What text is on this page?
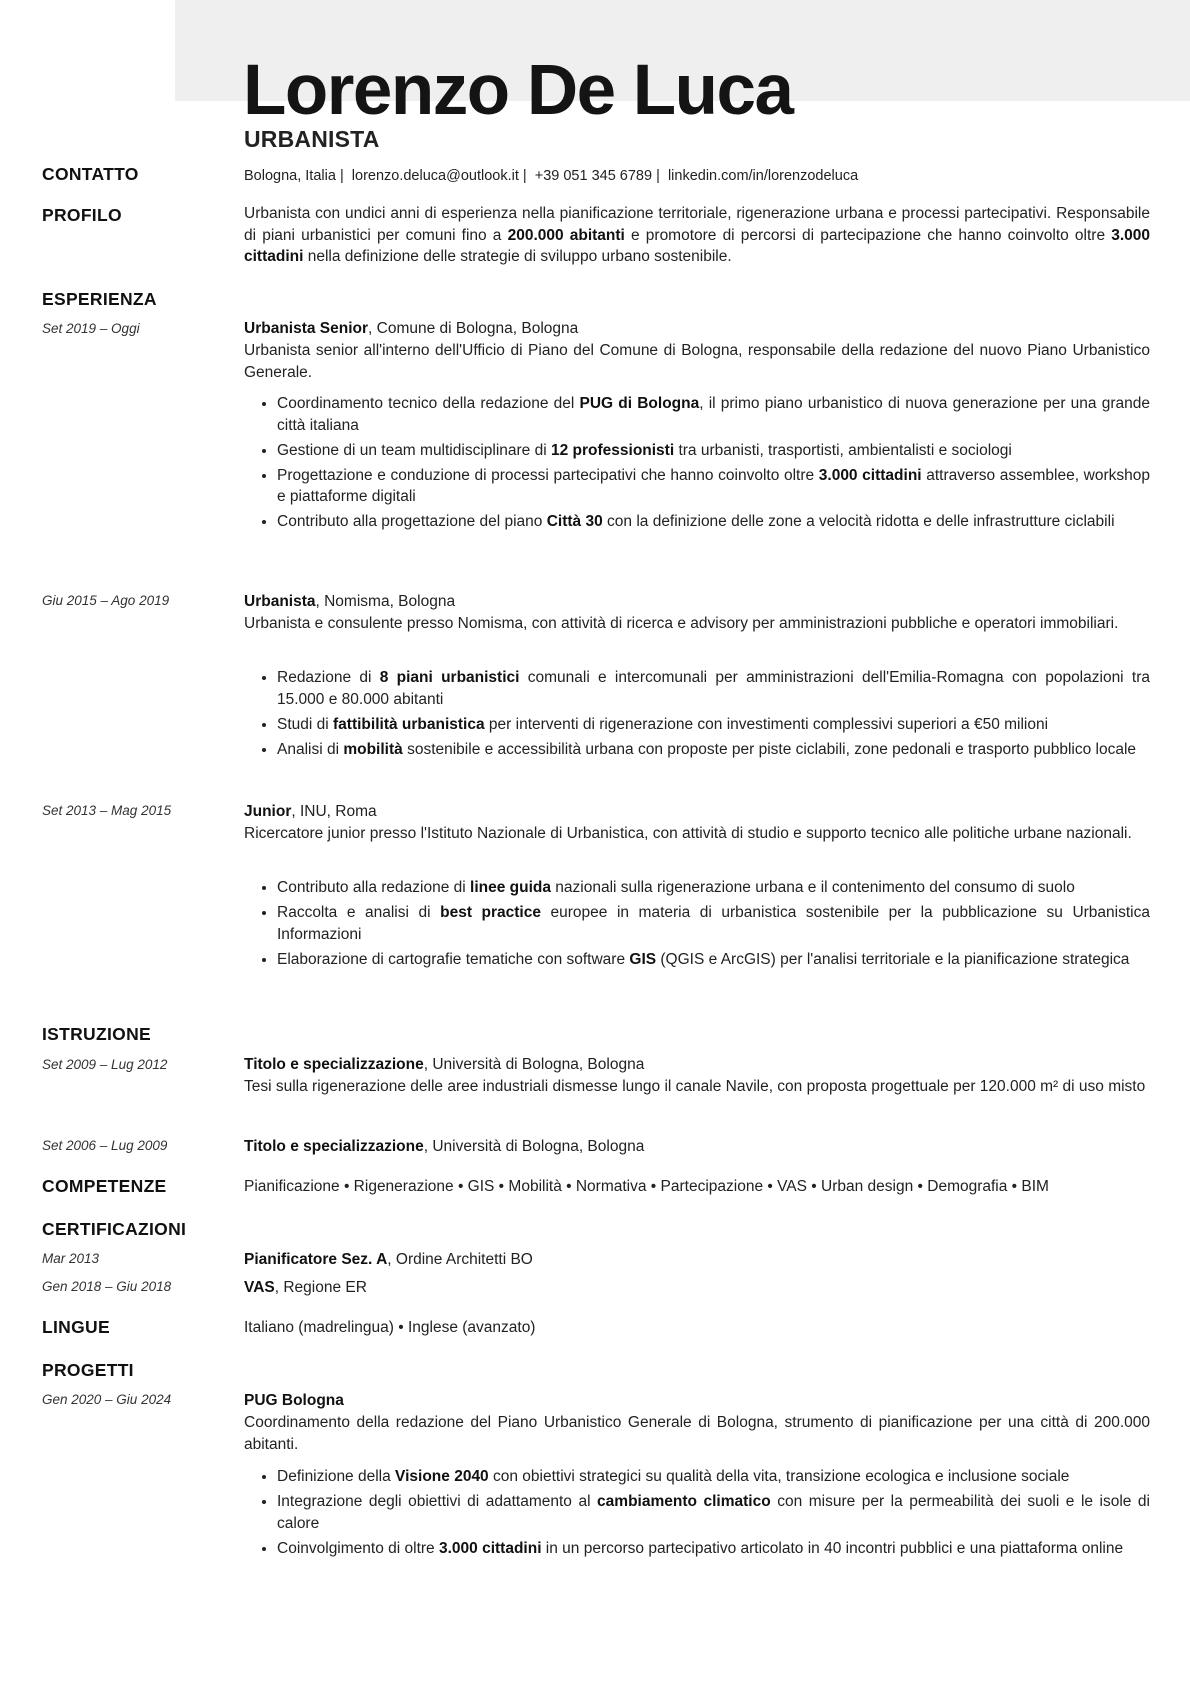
Lorenzo De Luca
URBANISTA
CONTATTO	Bologna, Italia | lorenzo.deluca@outlook.it | +39 051 345 6789 | linkedin.com/in/lorenzodeluca
PROFILO	Urbanista con undici anni di esperienza nella pianificazione territoriale, rigenerazione urbana e processi partecipativi. Responsabile di piani urbanistici per comuni fino a 200.000 abitanti e promotore di percorsi di partecipazione che hanno coinvolto oltre 3.000 cittadini nella definizione delle strategie di sviluppo urbano sostenibile.
ESPERIENZA
Set 2019 – Oggi	Urbanista Senior, Comune di Bologna, Bologna
Urbanista senior all'interno dell'Ufficio di Piano del Comune di Bologna, responsabile della redazione del nuovo Piano Urbanistico Generale.
• Coordinamento tecnico della redazione del PUG di Bologna, il primo piano urbanistico di nuova generazione per una grande città italiana
• Gestione di un team multidisciplinare di 12 professionisti tra urbanisti, trasportisti, ambientalisti e sociologi
• Progettazione e conduzione di processi partecipativi che hanno coinvolto oltre 3.000 cittadini attraverso assemblee, workshop e piattaforme digitali
• Contributo alla progettazione del piano Città 30 con la definizione delle zone a velocità ridotta e delle infrastrutture ciclabili
Giu 2015 – Ago 2019	Urbanista, Nomisma, Bologna
Urbanista e consulente presso Nomisma, con attività di ricerca e advisory per amministrazioni pubbliche e operatori immobiliari.
• Redazione di 8 piani urbanistici comunali e intercomunali per amministrazioni dell'Emilia-Romagna con popolazioni tra 15.000 e 80.000 abitanti
• Studi di fattibilità urbanistica per interventi di rigenerazione con investimenti complessivi superiori a €50 milioni
• Analisi di mobilità sostenibile e accessibilità urbana con proposte per piste ciclabili, zone pedonali e trasporto pubblico locale
Set 2013 – Mag 2015	Junior, INU, Roma
Ricercatore junior presso l'Istituto Nazionale di Urbanistica, con attività di studio e supporto tecnico alle politiche urbane nazionali.
• Contributo alla redazione di linee guida nazionali sulla rigenerazione urbana e il contenimento del consumo di suolo
• Raccolta e analisi di best practice europee in materia di urbanistica sostenibile per la pubblicazione su Urbanistica Informazioni
• Elaborazione di cartografie tematiche con software GIS (QGIS e ArcGIS) per l'analisi territoriale e la pianificazione strategica
ISTRUZIONE
Set 2009 – Lug 2012	Titolo e specializzazione, Università di Bologna, Bologna
Tesi sulla rigenerazione delle aree industriali dismesse lungo il canale Navile, con proposta progettuale per 120.000 m² di uso misto
Set 2006 – Lug 2009	Titolo e specializzazione, Università di Bologna, Bologna
COMPETENZE	Pianificazione • Rigenerazione • GIS • Mobilità • Normativa • Partecipazione • VAS • Urban design • Demografia • BIM
CERTIFICAZIONI
Mar 2013	Pianificatore Sez. A, Ordine Architetti BO
Gen 2018 – Giu 2018	VAS, Regione ER
LINGUE	Italiano (madrelingua) • Inglese (avanzato)
PROGETTI
Gen 2020 – Giu 2024	PUG Bologna
Coordinamento della redazione del Piano Urbanistico Generale di Bologna, strumento di pianificazione per una città di 200.000 abitanti.
• Definizione della Visione 2040 con obiettivi strategici su qualità della vita, transizione ecologica e inclusione sociale
• Integrazione degli obiettivi di adattamento al cambiamento climatico con misure per la permeabilità dei suoli e le isole di calore
• Coinvolgimento di oltre 3.000 cittadini in un percorso partecipativo articolato in 40 incontri pubblici e una piattaforma online
